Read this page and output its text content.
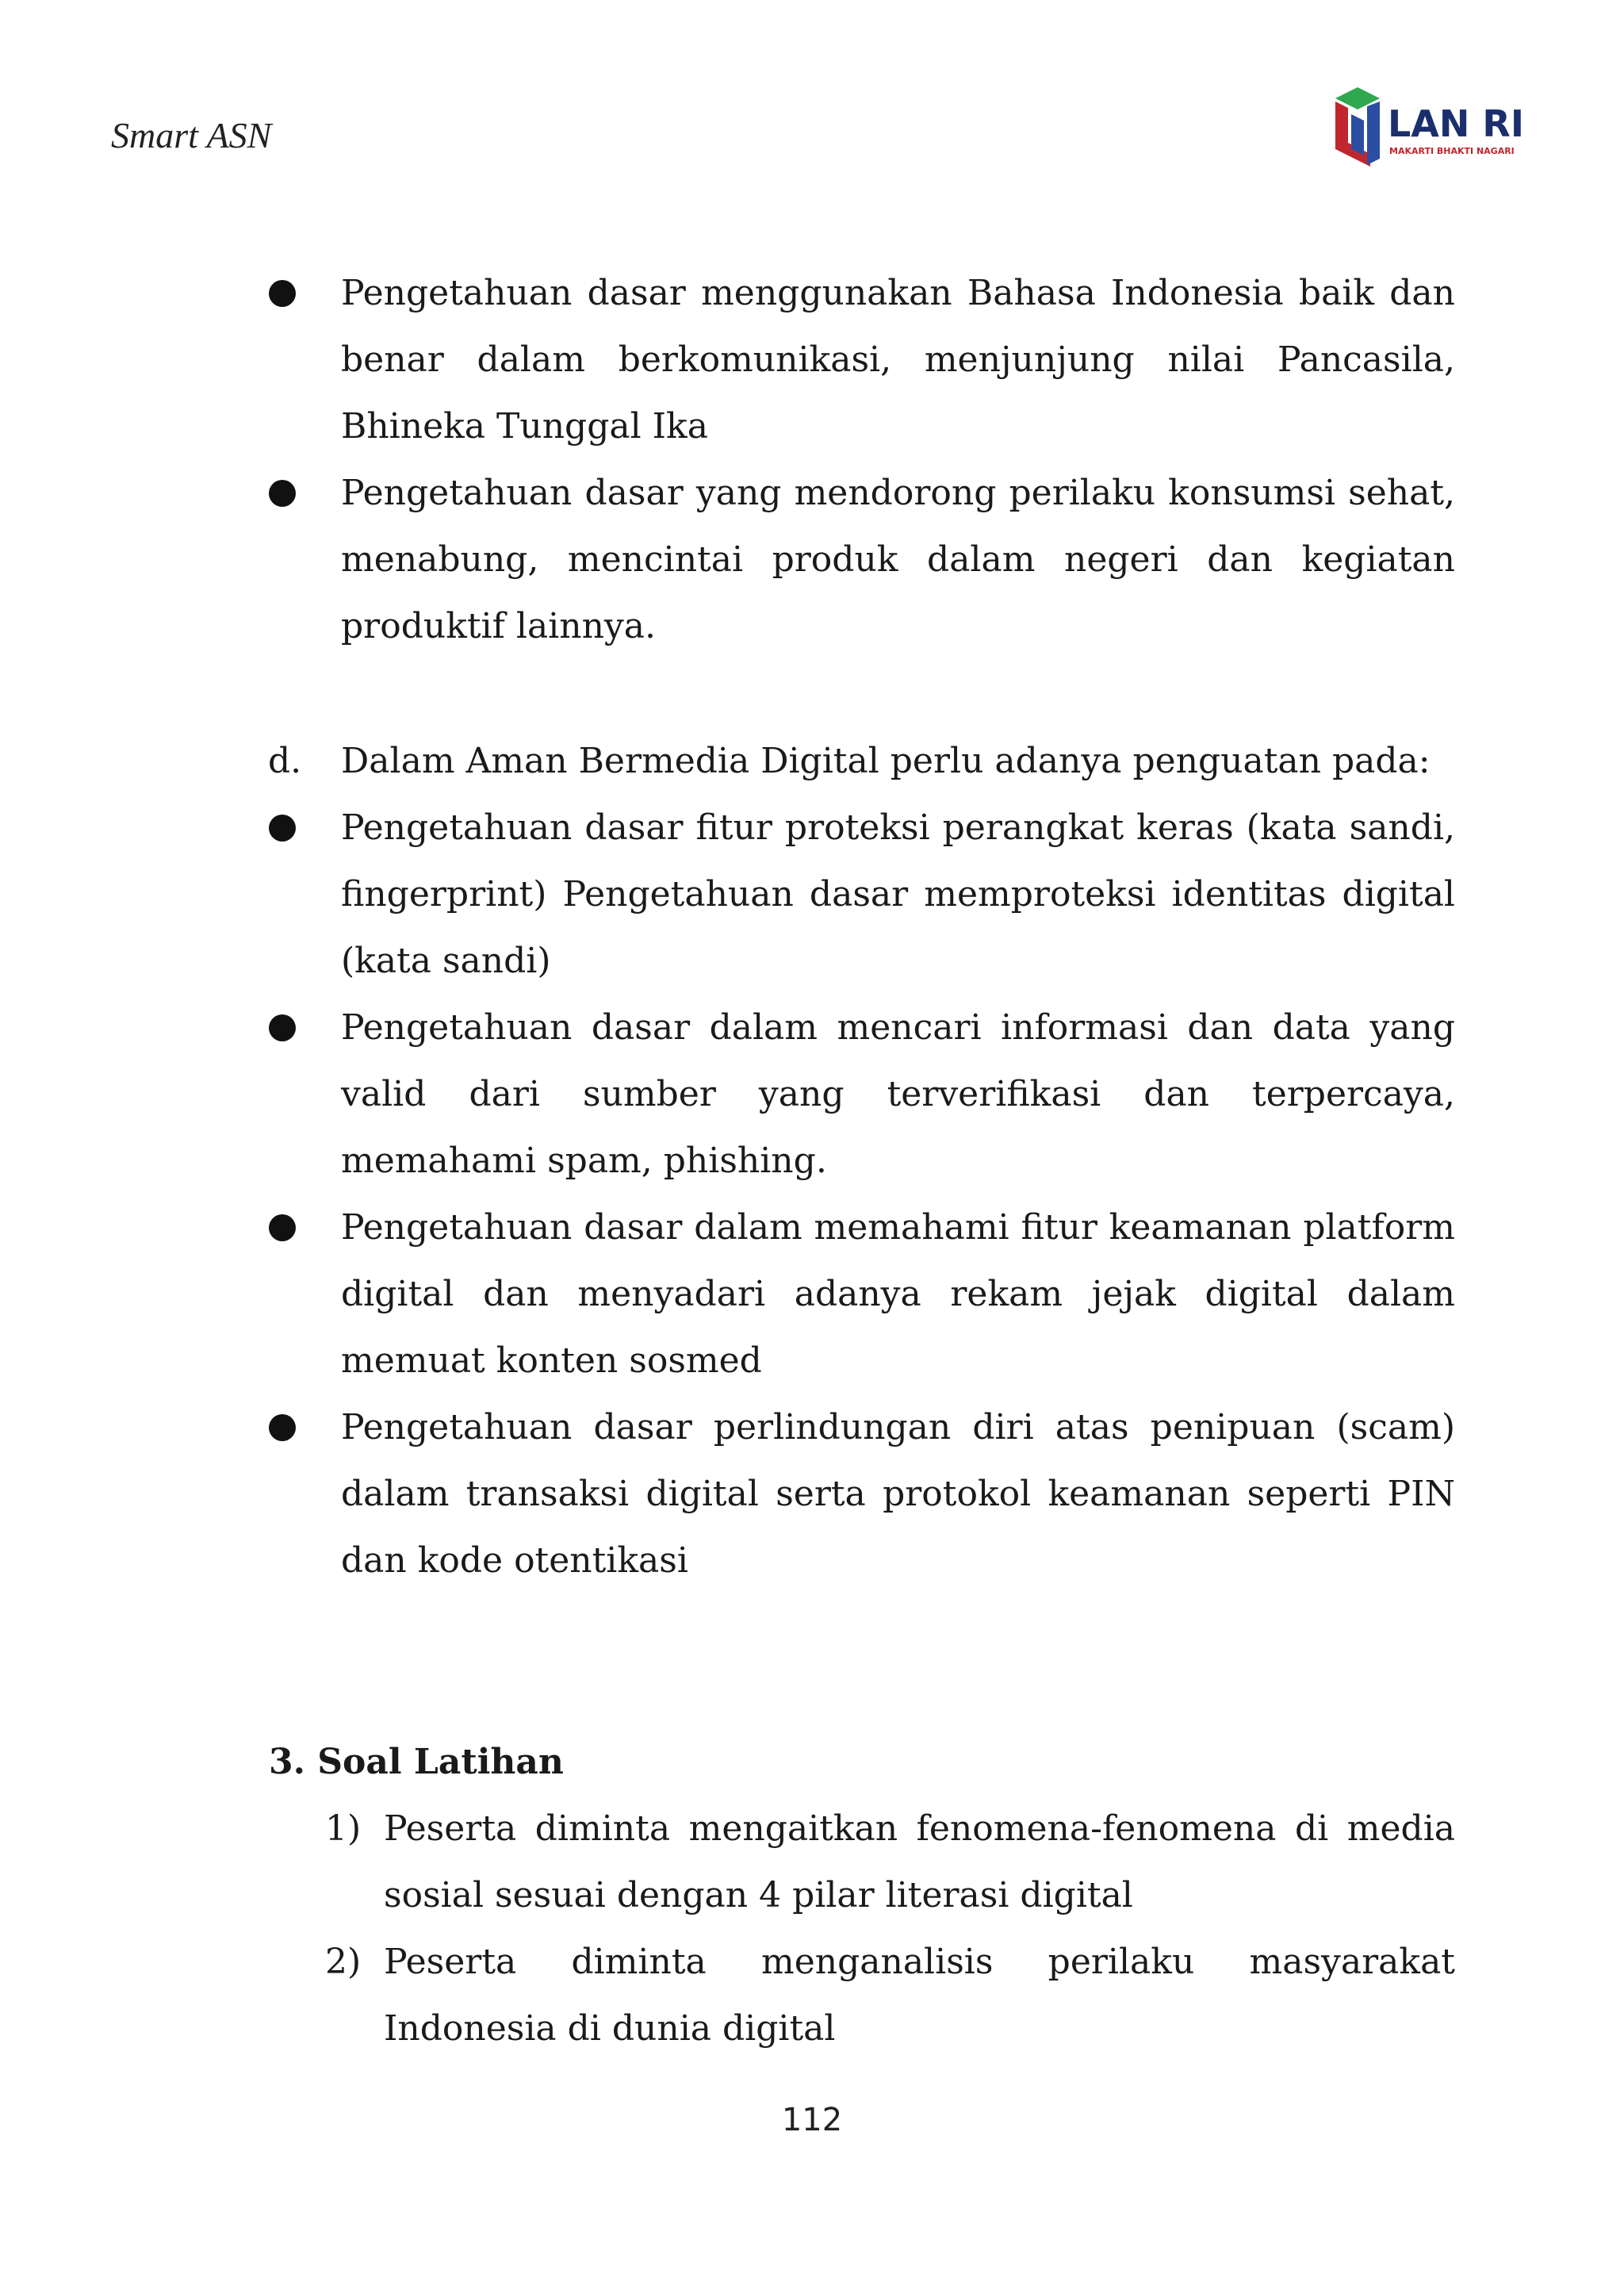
Smart ASN	LAN RI
MAKARTI BHAKTI NAGARI
Pengetahuan dasar menggunakan Bahasa Indonesia baik dan benar dalam berkomunikasi, menjunjung nilai Pancasila, Bhineka Tunggal Ika
Pengetahuan dasar yang mendorong perilaku konsumsi sehat, menabung, mencintai produk dalam negeri dan kegiatan produktif lainnya.
d. Dalam Aman Bermedia Digital perlu adanya penguatan pada:
Pengetahuan dasar fitur proteksi perangkat keras (kata sandi, fingerprint) Pengetahuan dasar memproteksi identitas digital (kata sandi)
Pengetahuan dasar dalam mencari informasi dan data yang valid dari sumber yang terverifikasi dan terpercaya, memahami spam, phishing.
Pengetahuan dasar dalam memahami fitur keamanan platform digital dan menyadari adanya rekam jejak digital dalam memuat konten sosmed
Pengetahuan dasar perlindungan diri atas penipuan (scam) dalam transaksi digital serta protokol keamanan seperti PIN dan kode otentikasi
3. Soal Latihan
1) Peserta diminta mengaitkan fenomena-fenomena di media sosial sesuai dengan 4 pilar literasi digital
2) Peserta diminta menganalisis perilaku masyarakat Indonesia di dunia digital
112
